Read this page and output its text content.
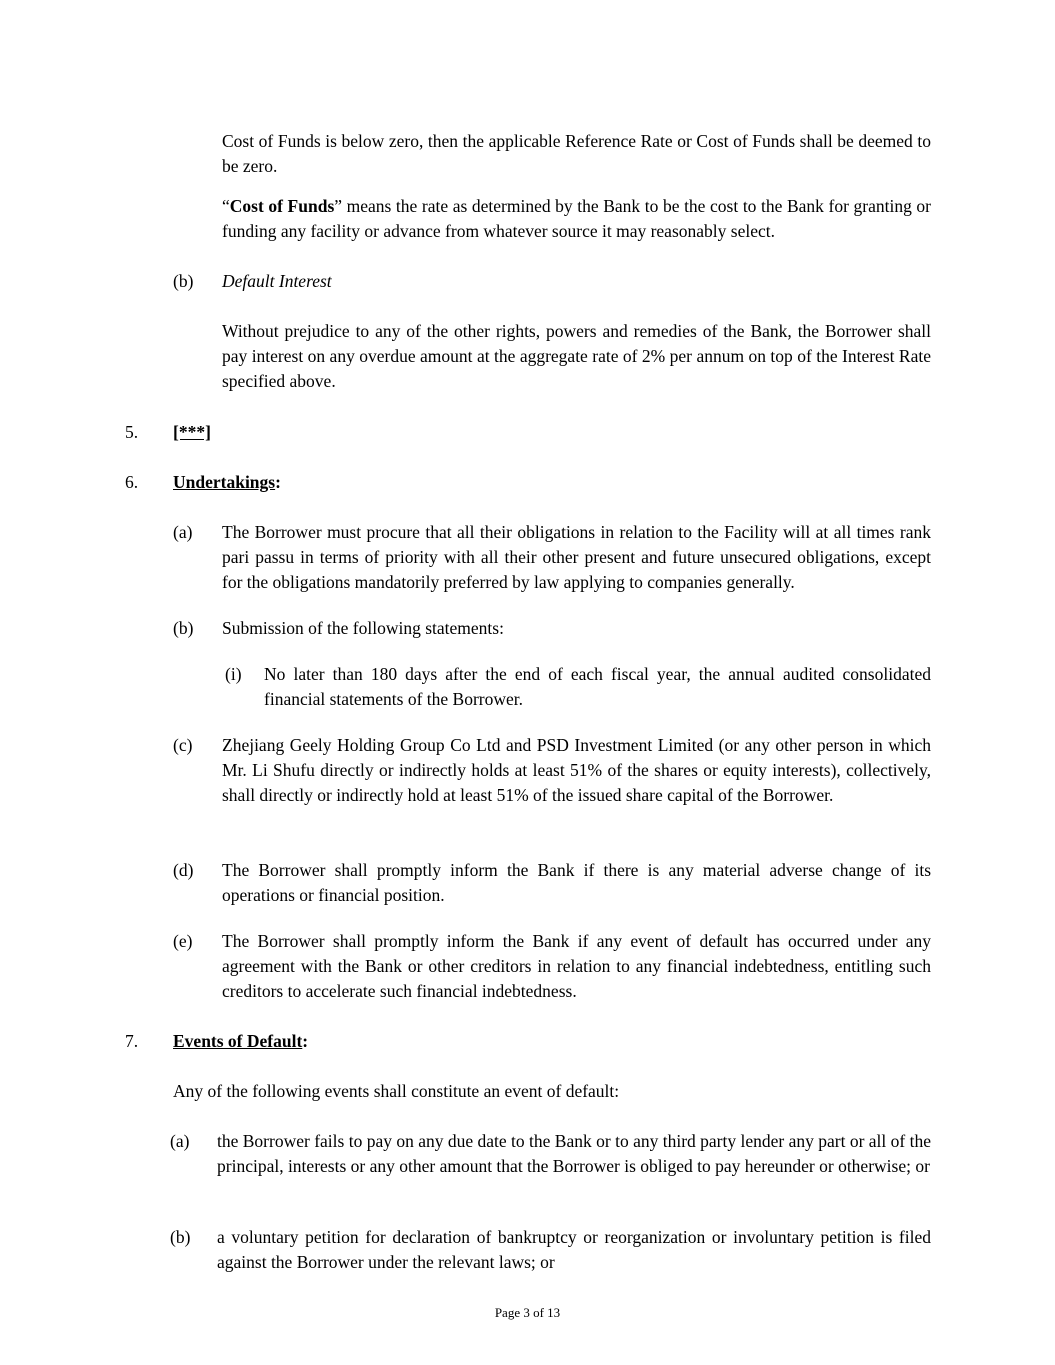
Cost of Funds is below zero, then the applicable Reference Rate or Cost of Funds shall be deemed to be zero.

“Cost of Funds” means the rate as determined by the Bank to be the cost to the Bank for granting or funding any facility or advance from whatever source it may reasonably select.

(b) Default Interest

Without prejudice to any of the other rights, powers and remedies of the Bank, the Borrower shall pay interest on any overdue amount at the aggregate rate of 2% per annum on top of the Interest Rate specified above.

5. [***]
6. Undertakings:
(a) The Borrower must procure that all their obligations in relation to the Facility will at all times rank pari passu in terms of priority with all their other present and future unsecured obligations, except for the obligations mandatorily preferred by law applying to companies generally.

(b) Submission of the following statements:

(i) No later than 180 days after the end of each fiscal year, the annual audited consolidated financial statements of the Borrower.

(c) Zhejiang Geely Holding Group Co Ltd and PSD Investment Limited (or any other person in which Mr. Li Shufu directly or indirectly holds at least 51% of the shares or equity interests), collectively, shall directly or indirectly hold at least 51% of the issued share capital of the Borrower.

(d) The Borrower shall promptly inform the Bank if there is any material adverse change of its operations or financial position.

(e) The Borrower shall promptly inform the Bank if any event of default has occurred under any agreement with the Bank or other creditors in relation to any financial indebtedness, entitling such creditors to accelerate such financial indebtedness.

7. Events of Default:

Any of the following events shall constitute an event of default:

(a) the Borrower fails to pay on any due date to the Bank or to any third party lender any part or all of the principal, interests or any other amount that the Borrower is obliged to pay hereunder or otherwise; or

(b) a voluntary petition for declaration of bankruptcy or reorganization or involuntary petition is filed against the Borrower under the relevant laws; or

Page 3 of 13
